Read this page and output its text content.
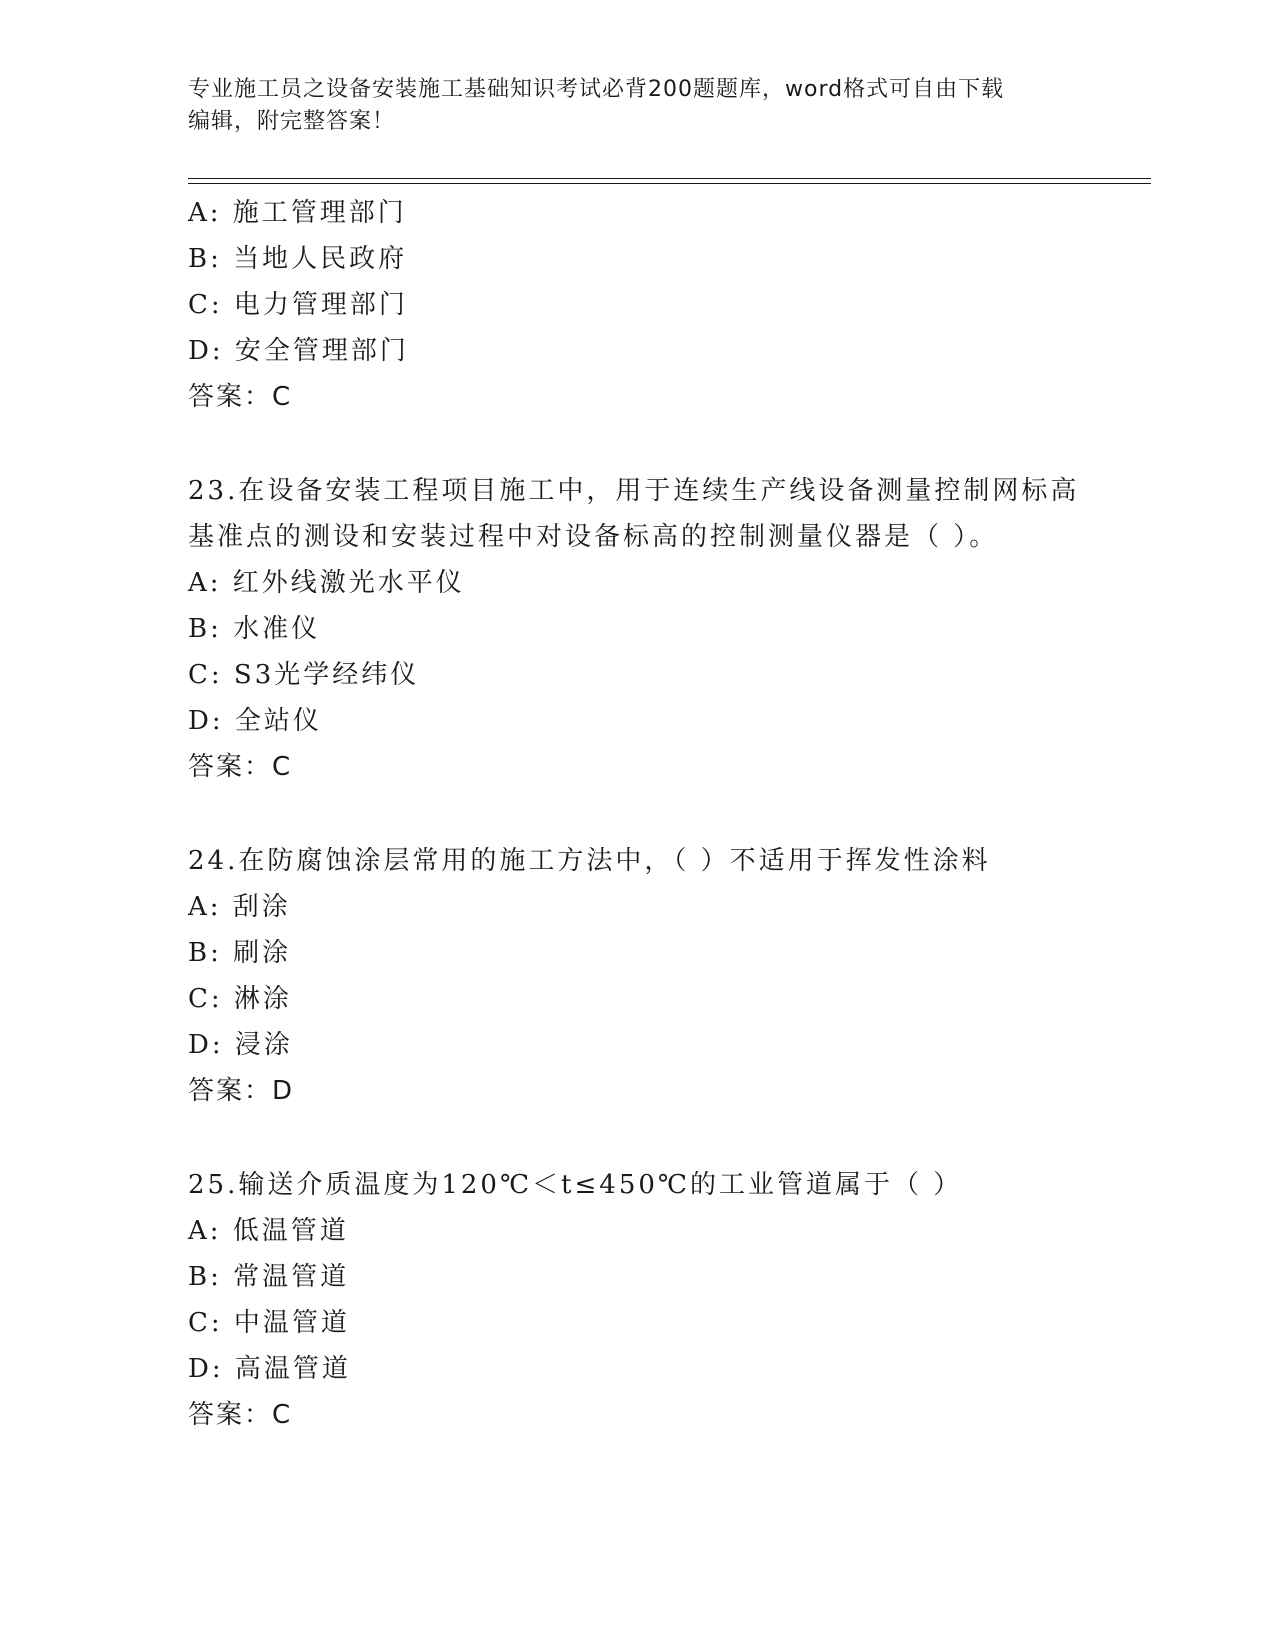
专业施工员之设备安装施工基础知识考试必背200题题库，word格式可自由下载
编辑，附完整答案！
A: 施工管理部门
B: 当地人民政府
C: 电力管理部门
D: 安全管理部门
答案：C
23.在设备安装工程项目施工中，用于连续生产线设备测量控制网标高
基准点的测设和安装过程中对设备标高的控制测量仪器是（ ）。
A: 红外线激光水平仪
B: 水准仪
C: S3光学经纬仪
D: 全站仪
答案：C
24.在防腐蚀涂层常用的施工方法中，（ ）不适用于挥发性涂料
A: 刮涂
B: 刷涂
C: 淋涂
D: 浸涂
答案：D
25.输送介质温度为120℃＜t≤450℃的工业管道属于（ ）
A: 低温管道
B: 常温管道
C: 中温管道
D: 高温管道
答案：C
